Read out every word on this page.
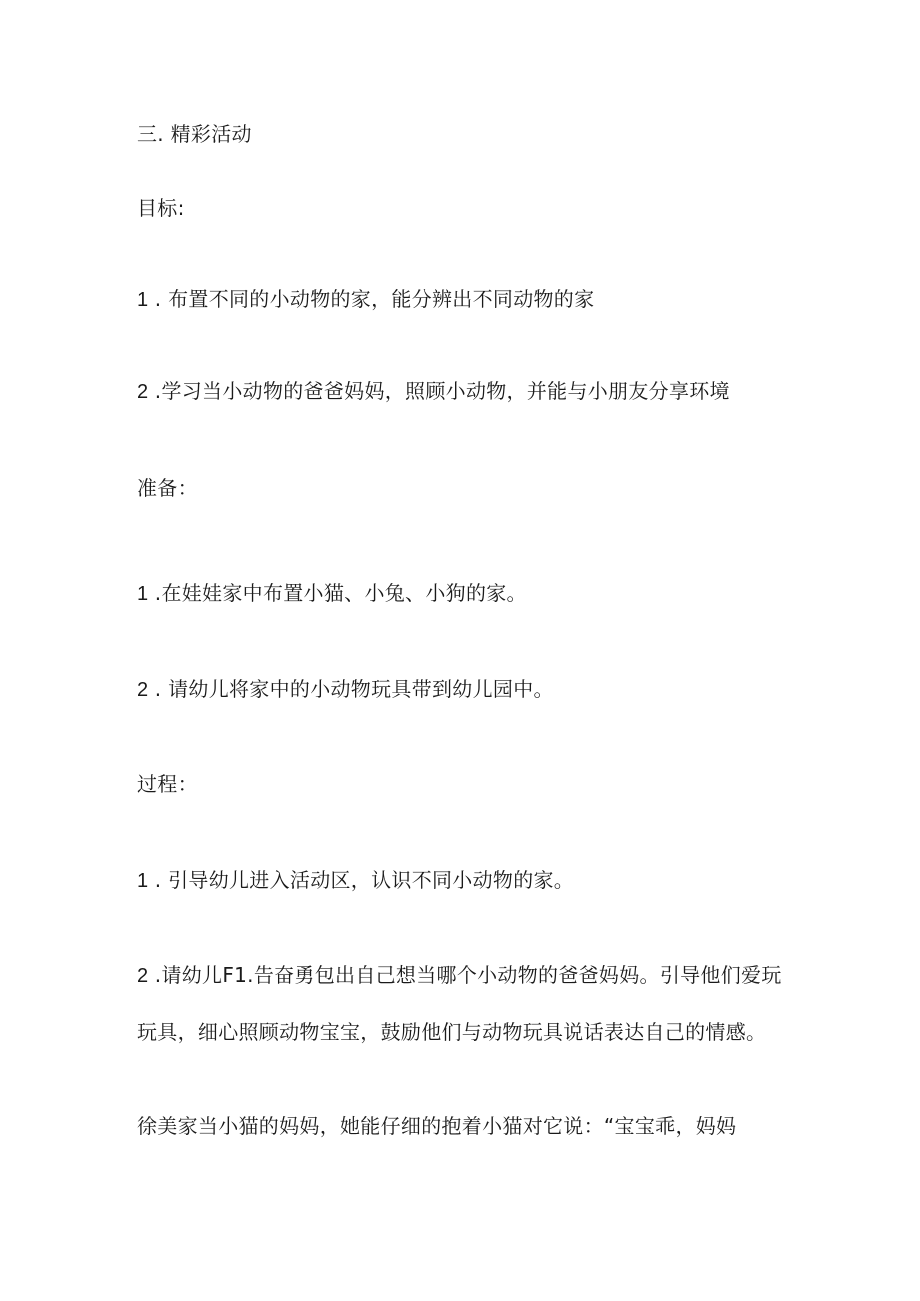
三. 精彩活动
目标:
1 . 布置不同的小动物的家，能分辨出不同动物的家
2 .学习当小动物的爸爸妈妈，照顾小动物，并能与小朋友分享环境
准备：
1 .在娃娃家中布置小猫、小兔、小狗的家。
2 . 请幼儿将家中的小动物玩具带到幼儿园中。
过程：
1 . 引导幼儿进入活动区，认识不同小动物的家。
2 .请幼儿F1.告奋勇包出自己想当哪个小动物的爸爸妈妈。引导他们爱玩
玩具，细心照顾动物宝宝，鼓励他们与动物玩具说话表达自己的情感。
徐美家当小猫的妈妈，她能仔细的抱着小猫对它说：“宝宝乖，妈妈
